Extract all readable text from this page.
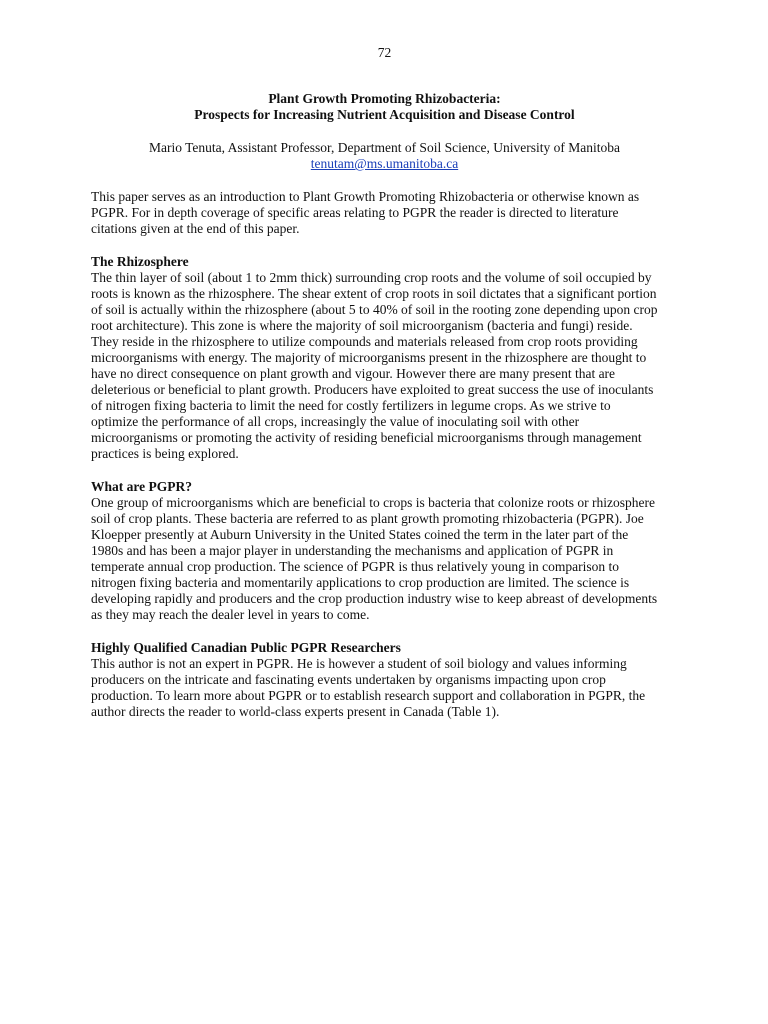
72
Plant Growth Promoting Rhizobacteria:
Prospects for Increasing Nutrient Acquisition and Disease Control
Mario Tenuta, Assistant Professor, Department of Soil Science, University of Manitoba
tenutam@ms.umanitoba.ca

This paper serves as an introduction to Plant Growth Promoting Rhizobacteria or otherwise known as PGPR. For in depth coverage of specific areas relating to PGPR the reader is directed to literature citations given at the end of this paper.

The Rhizosphere

The thin layer of soil (about 1 to 2mm thick) surrounding crop roots and the volume of soil occupied by roots is known as the rhizosphere. The shear extent of crop roots in soil dictates that a significant portion of soil is actually within the rhizosphere (about 5 to 40% of soil in the rooting zone depending upon crop root architecture). This zone is where the majority of soil microorganism (bacteria and fungi) reside. They reside in the rhizosphere to utilize compounds and materials released from crop roots providing microorganisms with energy. The majority of microorganisms present in the rhizosphere are thought to have no direct consequence on plant growth and vigour. However there are many present that are deleterious or beneficial to plant growth. Producers have exploited to great success the use of inoculants of nitrogen fixing bacteria to limit the need for costly fertilizers in legume crops. As we strive to optimize the performance of all crops, increasingly the value of inoculating soil with other microorganisms or promoting the activity of residing beneficial microorganisms through management practices is being explored.

What are PGPR?

One group of microorganisms which are beneficial to crops is bacteria that colonize roots or rhizosphere soil of crop plants. These bacteria are referred to as plant growth promoting rhizobacteria (PGPR). Joe Kloepper presently at Auburn University in the United States coined the term in the later part of the 1980s and has been a major player in understanding the mechanisms and application of PGPR in temperate annual crop production. The science of PGPR is thus relatively young in comparison to nitrogen fixing bacteria and momentarily applications to crop production are limited. The science is developing rapidly and producers and the crop production industry wise to keep abreast of developments as they may reach the dealer level in years to come.

Highly Qualified Canadian Public PGPR Researchers

This author is not an expert in PGPR. He is however a student of soil biology and values informing producers on the intricate and fascinating events undertaken by organisms impacting upon crop production. To learn more about PGPR or to establish research support and collaboration in PGPR, the author directs the reader to world-class experts present in Canada (Table 1).
